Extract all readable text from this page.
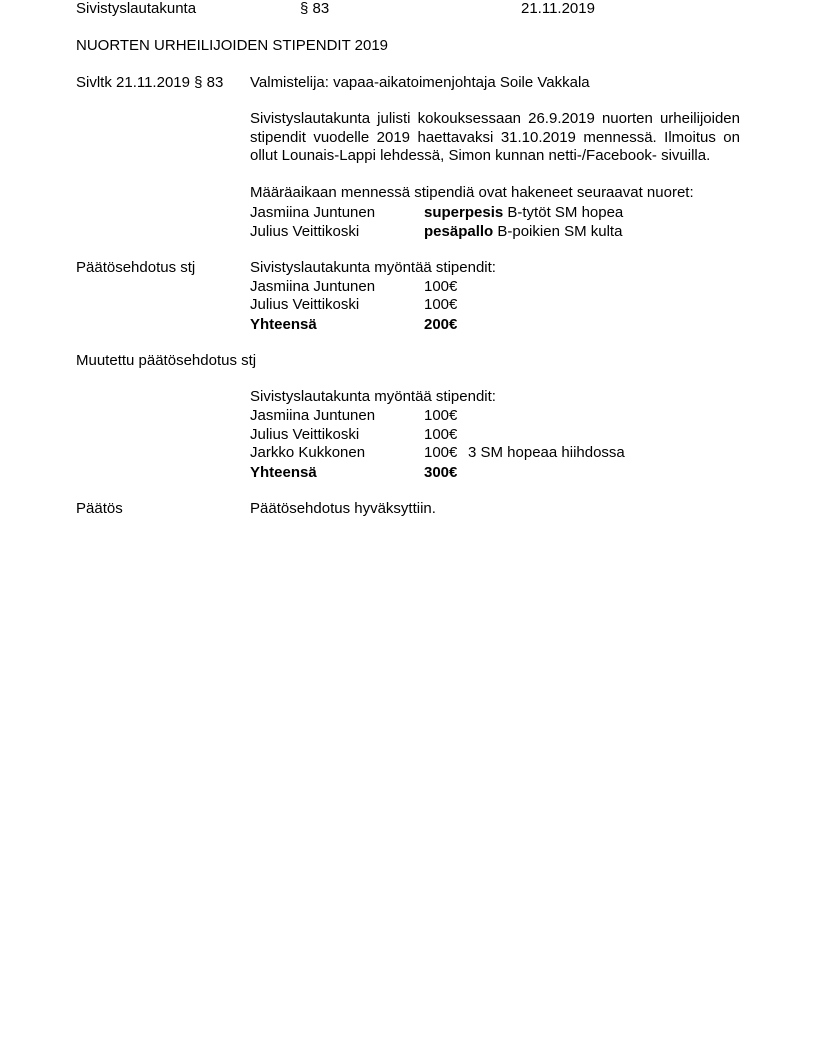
Sivistyslautakunta	§ 83	21.11.2019
NUORTEN URHEILIJOIDEN STIPENDIT 2019
Sivltk 21.11.2019 § 83 Valmistelija: vapaa-aikatoimenjohtaja Soile Vakkala
Sivistyslautakunta julisti kokouksessaan 26.9.2019 nuorten urheilijoiden stipendit vuodelle 2019 haettavaksi 31.10.2019 mennessä. Ilmoitus on ollut Lounais-Lappi lehdessä, Simon kunnan netti-/Facebook- sivuilla.
Määräaikaan mennessä stipendiä ovat hakeneet seuraavat nuoret:
Jasmiina Juntunen	superpesis B-tytöt SM hopea
Julius Veittikoski	pesäpallo B-poikien SM kulta
Päätösehdotus stj	Sivistyslautakunta myöntää stipendit:
Jasmiina Juntunen	100€
Julius Veittikoski	100€
Yhteensä	200€
Muutettu päätösehdotus stj
Sivistyslautakunta myöntää stipendit:
Jasmiina Juntunen	100€
Julius Veittikoski	100€
Jarkko Kukkonen	100€ 3 SM hopeaa hiihdossa
Yhteensä	300€
Päätös	Päätösehdotus hyväksyttiin.
